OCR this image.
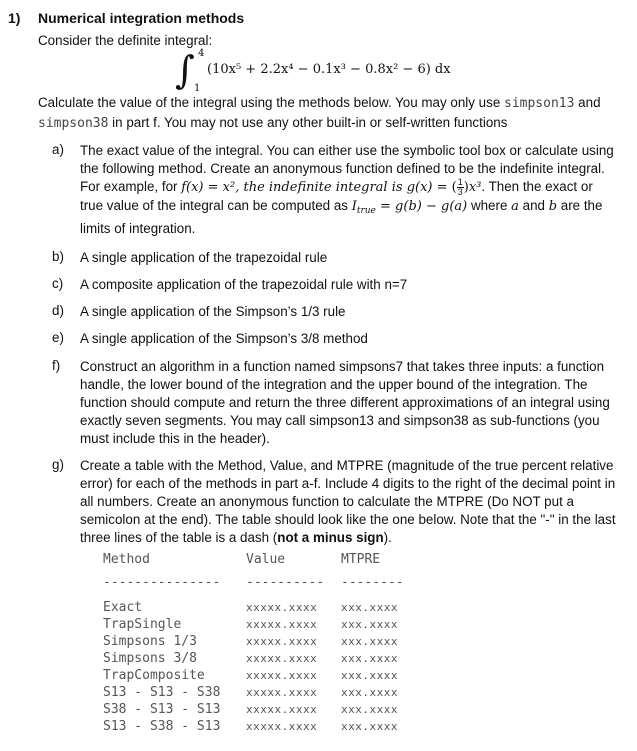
1) Numerical integration methods
Consider the definite integral:
∫ 4
1
(10x⁵ + 2.2x⁴ − 0.1x³ − 0.8x² − 6) dx
Calculate the value of the integral using the methods below. You may only use simpson13 and
simpson38 in part f. You may not use any other built-in or self-written functions
a) The exact value of the integral. You can either use the symbolic tool box or calculate using
the following method. Create an anonymous function defined to be the indefinite integral.
For example, for f(x) = x², the indefinite integral is g(x) = ( $\frac{1}{3} )x^3$. Then the exact or
true value of the integral can be computed as $I_{true} = g(b) - g(a)$ where a and b are the
limits of integration.
b) A single application of the trapezoidal rule
c) A composite application of the trapezoidal rule with n=7
d) A single application of the Simpson’s 1/3 rule
e) A single application of the Simpson’s 3/8 method
f) Construct an algorithm in a function named simpsons7 that takes three inputs: a function handle, the lower bound of the integration and the upper bound of the integration. The function should compute and return the three different approximations of an integral using exactly seven segments. You may call simpson13 and simpson38 as sub-functions (you must include this in the header).
g) Create a table with the Method, Value, and MTPRE (magnitude of the true percent relative error) for each of the methods in part a-f. Include 4 digits to the right of the decimal point in all numbers. Create an anonymous function to calculate the MTPRE (Do NOT put a semicolon at the end). The table should look like the one below. Note that the "-" in the last three lines of the table is a dash (not a minus sign).
Method	Value	MTPRE
--------------- ---------- --------
Exact	xxxxx.xxxx xxx.xxxx
TrapSingle	xxxxx.xxxx xxx.xxxx
Simpsons 1/3	xxxxx.xxxx xxx.xxxx
Simpsons 3/8	xxxxx.xxxx xxx.xxxx
TrapComposite	xxxxx.xxxx xxx.xxxx
S13 - S13 - S38 xxxxx.xxxx xxx.xxxx
S38 - S13 - S13 xxxxx.xxxx xxx.xxxx
S13 - S38 - S13 xxxxx.xxxx xxx.xxxx
